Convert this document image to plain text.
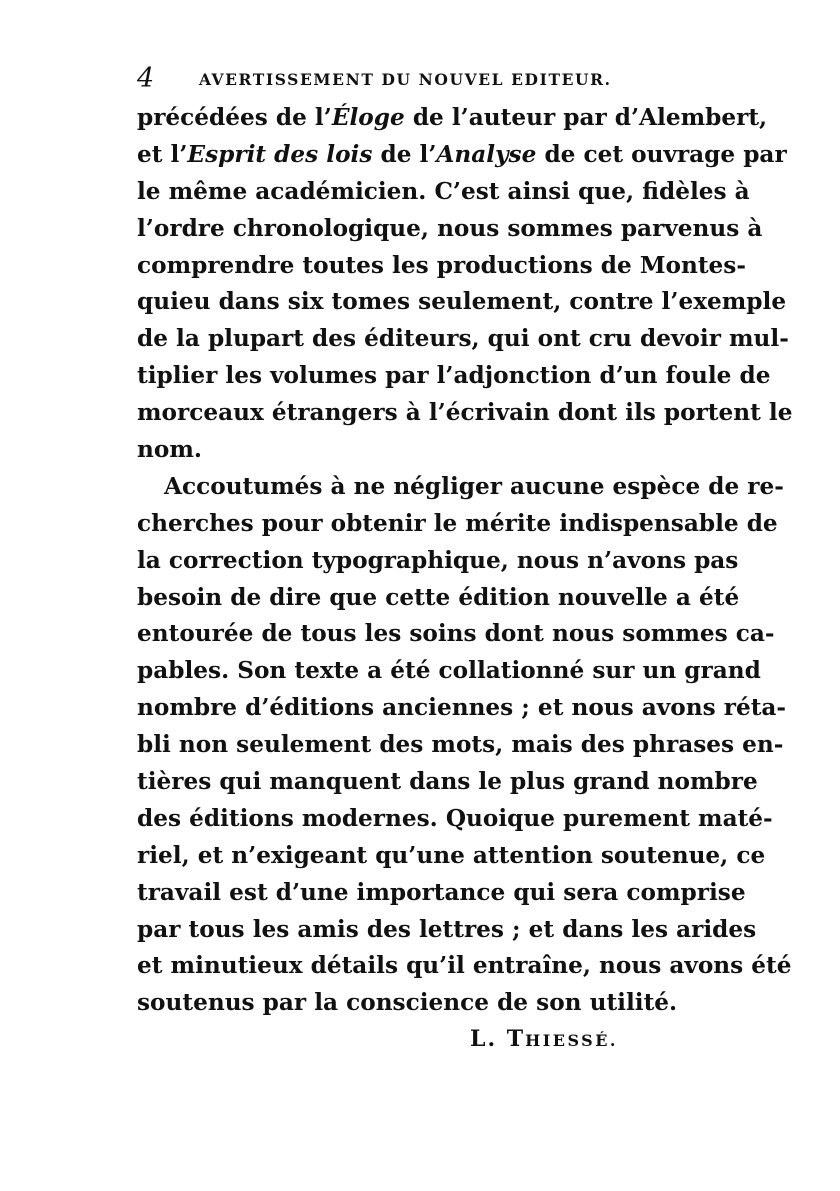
4	AVERTISSEMENT DU NOUVEL EDITEUR.
précédées de l’Éloge de l’auteur par d’Alembert,
et l’Esprit des lois de l’Analyse de cet ouvrage par
le même académicien. C’est ainsi que, fidèles à
l’ordre chronologique, nous sommes parvenus à
comprendre toutes les productions de Montes-
quieu dans six tomes seulement, contre l’exemple
de la plupart des éditeurs, qui ont cru devoir mul-
tiplier les volumes par l’adjonction d’un foule de
morceaux étrangers à l’écrivain dont ils portent le
nom.
Accoutumés à ne négliger aucune espèce de re-
cherches pour obtenir le mérite indispensable de
la correction typographique, nous n’avons pas
besoin de dire que cette édition nouvelle a été
entourée de tous les soins dont nous sommes ca-
pables. Son texte a été collationné sur un grand
nombre d’éditions anciennes ; et nous avons réta-
bli non seulement des mots, mais des phrases en-
tières qui manquent dans le plus grand nombre
des éditions modernes. Quoique purement maté-
riel, et n’exigeant qu’une attention soutenue, ce
travail est d’une importance qui sera comprise
par tous les amis des lettres ; et dans les arides
et minutieux détails qu’il entraîne, nous avons été
soutenus par la conscience de son utilité.
L. THIESSÉ.
